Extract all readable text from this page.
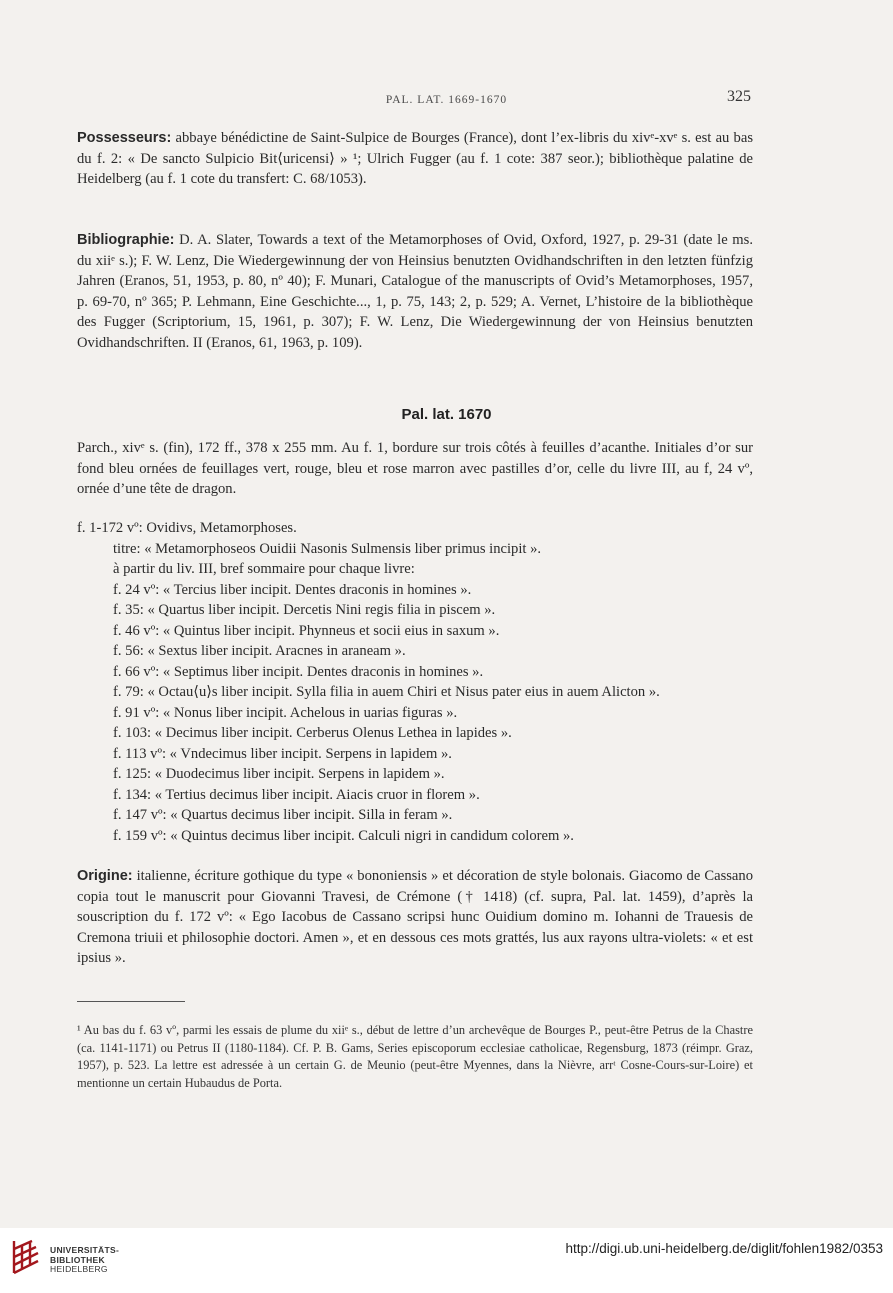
PAL. LAT. 1669-1670	325

Possesseurs: abbaye bénédictine de Saint-Sulpice de Bourges (France), dont l’ex-libris du xivᵉ-xvᵉ s. est au bas du f. 2: « De sancto Sulpicio Bit⟨uricensi⟩ » ¹; Ulrich Fugger (au f. 1 cote: 387 seor.); bibliothèque palatine de Heidelberg (au f. 1 cote du transfert: C. 68/1053).

Bibliographie: D. A. Slater, Towards a text of the Metamorphoses of Ovid, Oxford, 1927, p. 29-31 (date le ms. du xiiᵉ s.); F. W. Lenz, Die Wiedergewinnung der von Heinsius benutzten Ovidhandschriften in den letzten fünfzig Jahren (Eranos, 51, 1953, p. 80, nº 40); F. Munari, Catalogue of the manuscripts of Ovid’s Metamorphoses, 1957, p. 69-70, nº 365; P. Lehmann, Eine Geschichte..., 1, p. 75, 143; 2, p. 529; A. Vernet, L’histoire de la bibliothèque des Fugger (Scriptorium, 15, 1961, p. 307); F. W. Lenz, Die Wiedergewinnung der von Heinsius benutzten Ovidhandschriften. II (Eranos, 61, 1963, p. 109).

Pal. lat. 1670

Parch., xivᵉ s. (fin), 172 ff., 378 x 255 mm. Au f. 1, bordure sur trois côtés à feuilles d’acanthe. Initiales d’or sur fond bleu ornées de feuillages vert, rouge, bleu et rose marron avec pastilles d’or, celle du livre III, au f, 24 vº, ornée d’une tête de dragon.

f. 1-172 vº: Ovidivs, Metamorphoses.
titre: « Metamorphoseos Ouidii Nasonis Sulmensis liber primus incipit ».
à partir du liv. III, bref sommaire pour chaque livre:
f. 24 vº: « Tercius liber incipit. Dentes draconis in homines ».
f. 35: « Quartus liber incipit. Dercetis Nini regis filia in piscem ».
f. 46 vº: « Quintus liber incipit. Phynneus et socii eius in saxum ».
f. 56: « Sextus liber incipit. Aracnes in araneam ».
f. 66 vº: « Septimus liber incipit. Dentes draconis in homines ».
f. 79: « Octau⟨u⟩s liber incipit. Sylla filia in auem Chiri et Nisus pater eius in auem Alicton ».
f. 91 vº: « Nonus liber incipit. Achelous in uarias figuras ».
f. 103: « Decimus liber incipit. Cerberus Olenus Lethea in lapides ».
f. 113 vº: « Vndecimus liber incipit. Serpens in lapidem ».
f. 125: « Duodecimus liber incipit. Serpens in lapidem ».
f. 134: « Tertius decimus liber incipit. Aiacis cruor in florem ».
f. 147 vº: « Quartus decimus liber incipit. Silla in feram ».
f. 159 vº: « Quintus decimus liber incipit. Calculi nigri in candidum colorem ».

Origine: italienne, écriture gothique du type « bononiensis » et décoration de style bolonais. Giacomo de Cassano copia tout le manuscrit pour Giovanni Travesi, de Crémone († 1418) (cf. supra, Pal. lat. 1459), d’après la souscription du f. 172 vº: « Ego Iacobus de Cassano scripsi hunc Ouidium domino m. Iohanni de Trauesis de Cremona triuii et philosophie doctori. Amen », et en dessous ces mots grattés, lus aux rayons ultra-violets: « et est ipsius ».

¹ Au bas du f. 63 vº, parmi les essais de plume du xiiᵉ s., début de lettre d’un archevêque de Bourges P., peut-être Petrus de la Chastre (ca. 1141-1171) ou Petrus II (1180-1184). Cf. P. B. Gams, Series episcoporum ecclesiae catholicae, Regensburg, 1873 (réimpr. Graz, 1957), p. 523. La lettre est adressée à un certain G. de Meunio (peut-être Myennes, dans la Nièvre, arrᵗ Cosne-Cours-sur-Loire) et mentionne un certain Hubaudus de Porta.
UNIVERSITÄTS-
BIBLIOTHEK
HEIDELBERG
http://digi.ub.uni-heidelberg.de/diglit/fohlen1982/0353
